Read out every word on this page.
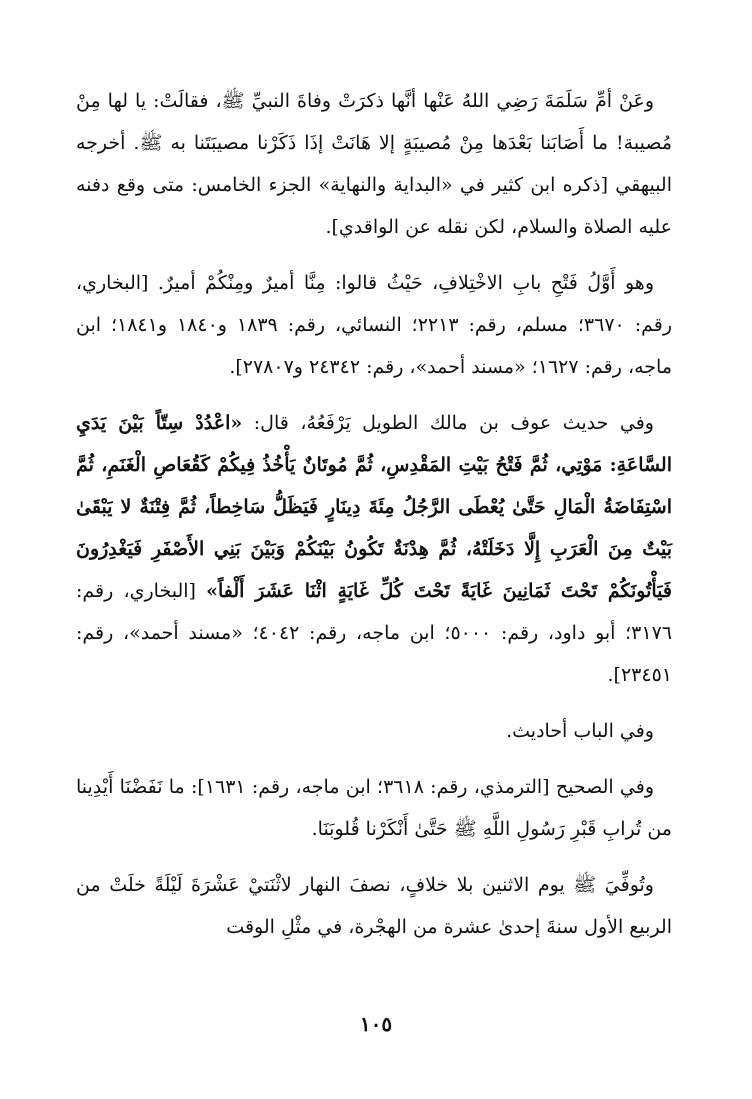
وعَنْ أمِّ سَلَمَةَ رَضِي اللهُ عَنْها أنَّها ذكرَتْ وفاةَ النبيِّ ﷺ، فقالَتْ: يا لها مِنْ مُصيبة! ما أَصَابَنا بَعْدَها مِنْ مُصيبَةٍ إلا هَانَتْ إذَا ذَكَرْنا مصيبَتَنا به ﷺ. أخرجه البيهقي [ذكره ابن كثير في «البداية والنهاية» الجزء الخامس: متى وقع دفنه عليه الصلاة والسلام، لكن نقله عن الواقدي].

وهو أَوَّلُ فَتْحِ بابِ الاخْتِلافِ، حَيْثُ قالوا: مِنَّا أميرٌ ومِنْكُمْ أميرٌ. [البخاري، رقم: ٣٦٧٠؛ مسلم، رقم: ٢٢١٣؛ النسائي، رقم: ١٨٣٩ و١٨٤٠ و١٨٤١؛ ابن ماجه، رقم: ١٦٢٧؛ «مسند أحمد»، رقم: ٢٤٣٤٢ و٢٧٨٠٧].

وفي حديث عوف بن مالك الطويل يَرْفَعُهُ، قال: «اعْدُدْ سِتّاً بَيْنَ يَدَيِ السَّاعَةِ: مَوْتِي، ثُمَّ فَتْحُ بَيْتِ المَقْدِسِ، ثُمَّ مُوتَانٌ يَأْخُذُ فِيكُمْ كَقُعَاصِ الْغَنَمِ، ثُمَّ اسْتِفَاضَةُ الْمَالِ حَتَّىٰ يُعْطَى الرَّجُلُ مِئَةَ دِينَارٍ فَيَظَلُّ سَاخِطاً، ثُمَّ فِتْنَةٌ لا يَبْقَىٰ بَيْتٌ مِنَ الْعَرَبِ إِلَّا دَخَلَتْهُ، ثُمَّ هِدْنَةٌ تَكُونُ بَيْنَكُمْ وَبَيْنَ بَنِي الأَصْفَرِ فَيَغْدِرُونَ فَيَأْتُونَكُمْ تَحْتَ ثَمَانِينَ غَايَةً تَحْتَ كُلِّ غَايَةٍ اثْنَا عَشَرَ أَلْفاً» [البخاري، رقم: ٣١٧٦؛ أبو داود، رقم: ٥٠٠٠؛ ابن ماجه، رقم: ٤٠٤٢؛ «مسند أحمد»، رقم: ٢٣٤٥١].

وفي الباب أحاديث.

وفي الصحيح [الترمذي، رقم: ٣٦١٨؛ ابن ماجه، رقم: ١٦٣١]: ما نَفَضْنَا أَيْدِينا من تُرابِ قَبْرِ رَسُولِ اللَّهِ ﷺ حَتَّىٰ أَنْكَرْنا قُلوبَنَا.

وتُوفِّيَ ﷺ يوم الاثنين بلا خلافٍ، نصفَ النهار لاثْنَتيْ عَشْرَةَ لَيْلَةً خلَتْ من الربيع الأول سنةَ إحدىٰ عشرة من الهجْرة، في مثْلِ الوقت

١٠٥
